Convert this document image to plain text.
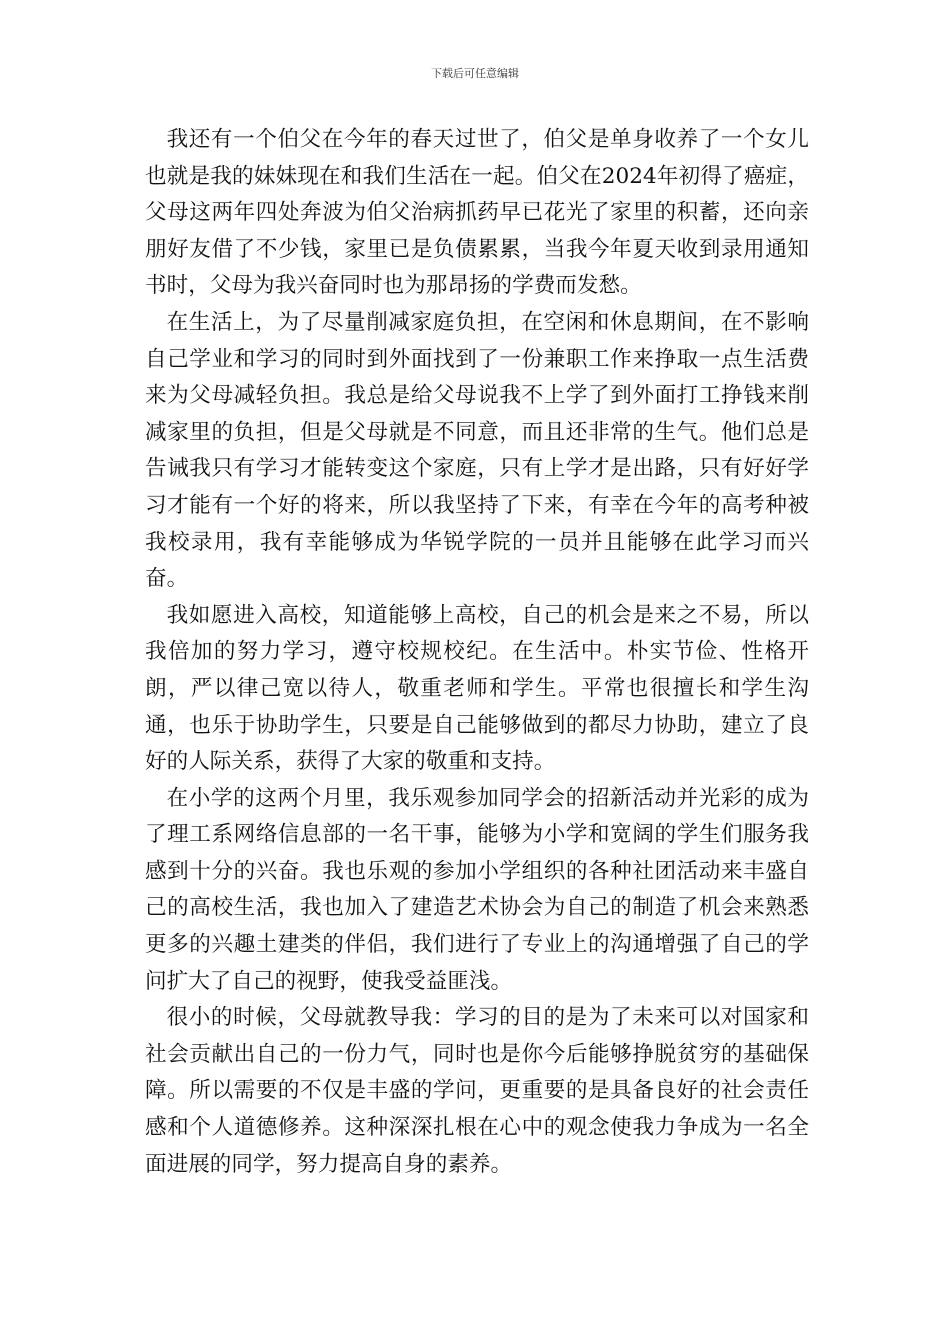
下载后可任意编辑

我还有一个伯父在今年的春天过世了，伯父是单身收养了一个女儿也就是我的妹妹现在和我们生活在一起。伯父在2024年初得了癌症，父母这两年四处奔波为伯父治病抓药早已花光了家里的积蓄，还向亲朋好友借了不少钱，家里已是负债累累，当我今年夏天收到录用通知书时，父母为我兴奋同时也为那昂扬的学费而发愁。

在生活上，为了尽量削减家庭负担，在空闲和休息期间，在不影响自己学业和学习的同时到外面找到了一份兼职工作来挣取一点生活费来为父母减轻负担。我总是给父母说我不上学了到外面打工挣钱来削减家里的负担，但是父母就是不同意，而且还非常的生气。他们总是告诫我只有学习才能转变这个家庭，只有上学才是出路，只有好好学习才能有一个好的将来，所以我坚持了下来，有幸在今年的高考种被我校录用，我有幸能够成为华锐学院的一员并且能够在此学习而兴奋。

我如愿进入高校，知道能够上高校，自己的机会是来之不易，所以我倍加的努力学习，遵守校规校纪。在生活中。朴实节俭、性格开朗，严以律己宽以待人，敬重老师和学生。平常也很擅长和学生沟通，也乐于协助学生，只要是自己能够做到的都尽力协助，建立了良好的人际关系，获得了大家的敬重和支持。

在小学的这两个月里，我乐观参加同学会的招新活动并光彩的成为了理工系网络信息部的一名干事，能够为小学和宽阔的学生们服务我感到十分的兴奋。我也乐观的参加小学组织的各种社团活动来丰盛自己的高校生活，我也加入了建造艺术协会为自己的制造了机会来熟悉更多的兴趣土建类的伴侣，我们进行了专业上的沟通增强了自己的学问扩大了自己的视野，使我受益匪浅。

很小的时候，父母就教导我：学习的目的是为了未来可以对国家和社会贡献出自己的一份力气，同时也是你今后能够挣脱贫穷的基础保障。所以需要的不仅是丰盛的学问，更重要的是具备良好的社会责任感和个人道德修养。这种深深扎根在心中的观念使我力争成为一名全面进展的同学，努力提高自身的素养。
